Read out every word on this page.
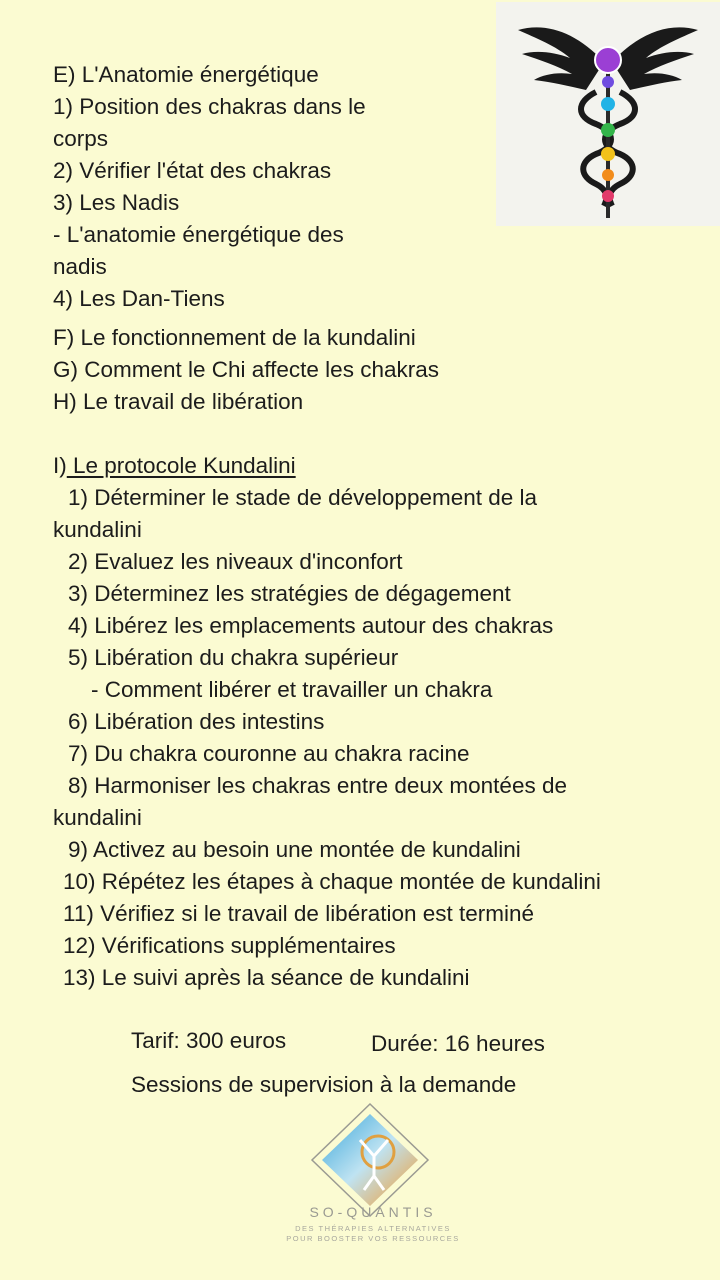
E) L'Anatomie énergétique
1) Position des chakras dans le
corps
2) Vérifier l'état des chakras
3) Les Nadis
- L'anatomie énergétique des
nadis
4) Les Dan-Tiens
F) Le fonctionnement de la kundalini
G) Comment le Chi affecte les chakras
H) Le travail de libération
I) Le protocole Kundalini
1) Déterminer le stade de développement de la
kundalini
2) Evaluez les niveaux d'inconfort
3) Déterminez les stratégies de dégagement
4) Libérez les emplacements autour des chakras
5) Libération du chakra supérieur
- Comment libérer et travailler un chakra
6) Libération des intestins
7) Du chakra couronne au chakra racine
8) Harmoniser les chakras entre deux montées de
kundalini
9) Activez au besoin une montée de kundalini
10) Répétez les étapes à chaque montée de kundalini
11) Vérifiez si le travail de libération est terminé
12) Vérifications supplémentaires
13) Le suivi après la séance de kundalini
Tarif: 300 euros	Durée: 16 heures
Sessions de supervision à la demande
SO-QUANTIS
DES THÉRAPIES ALTERNATIVES
POUR BOOSTER VOS RESSOURCES
